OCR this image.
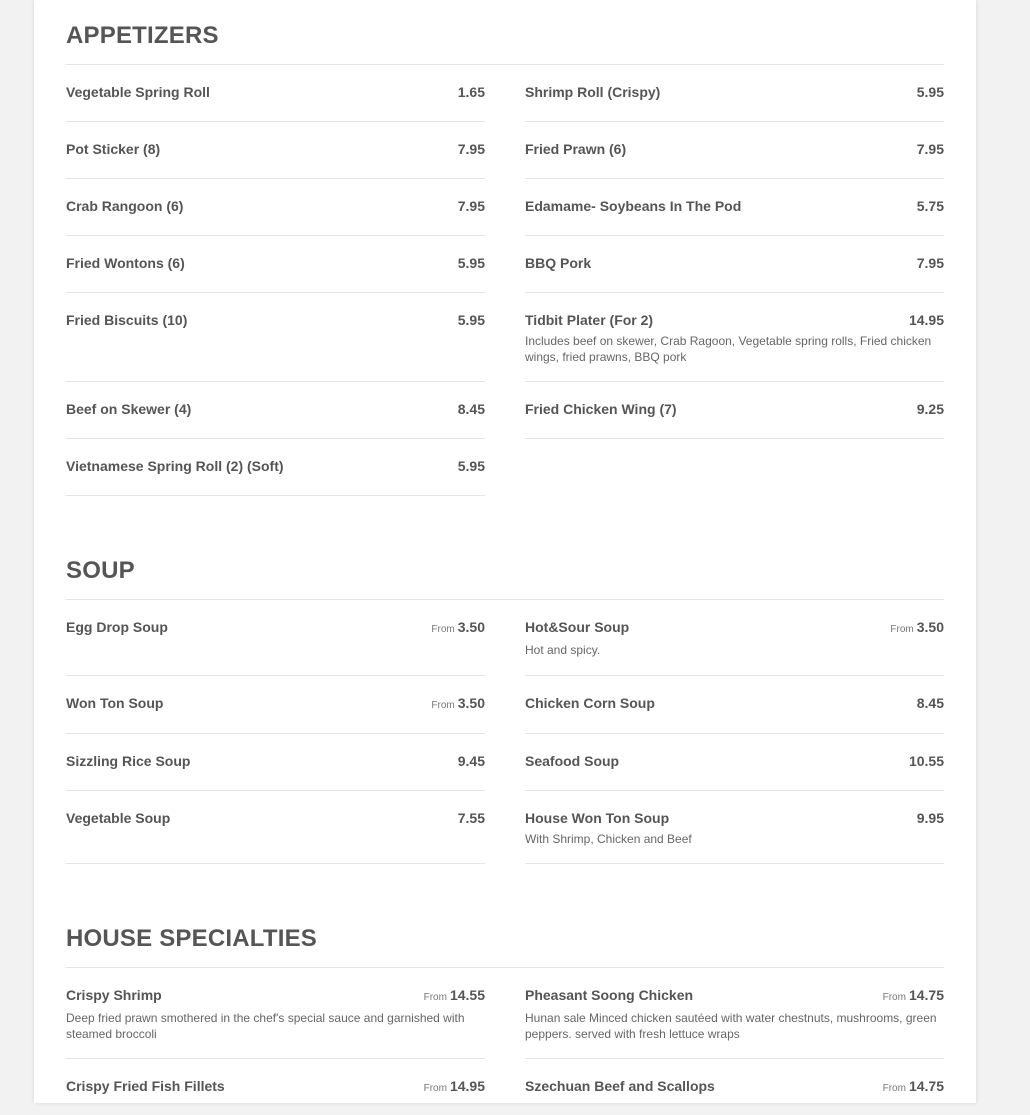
APPETIZERS
Vegetable Spring Roll	1.65
Pot Sticker (8)	7.95
Crab Rangoon (6)	7.95
Fried Wontons (6)	5.95
Fried Biscuits (10)	5.95
Beef on Skewer (4)	8.45
Vietnamese Spring Roll (2) (Soft)	5.95
Shrimp Roll (Crispy)	5.95
Fried Prawn (6)	7.95
Edamame- Soybeans In The Pod	5.75
BBQ Pork	7.95
Tidbit Plater (For 2)	14.95
Includes beef on skewer, Crab Ragoon, Vegetable spring rolls, Fried chicken wings, fried prawns, BBQ pork
Fried Chicken Wing (7)	9.25
SOUP
Egg Drop Soup	From 3.50
Won Ton Soup	From 3.50
Sizzling Rice Soup	9.45
Vegetable Soup	7.55
Hot&Sour Soup	From 3.50
Hot and spicy.
Chicken Corn Soup	8.45
Seafood Soup	10.55
House Won Ton Soup	9.95
With Shrimp, Chicken and Beef
HOUSE SPECIALTIES
Crispy Shrimp	From 14.55
Deep fried prawn smothered in the chef's special sauce and garnished with steamed broccoli
Crispy Fried Fish Fillets	From 14.95
Pheasant Soong Chicken	From 14.75
Hunan sale Minced chicken sautéed with water chestnuts, mushrooms, green peppers. served with fresh lettuce wraps
Szechuan Beef and Scallops	From 14.75
